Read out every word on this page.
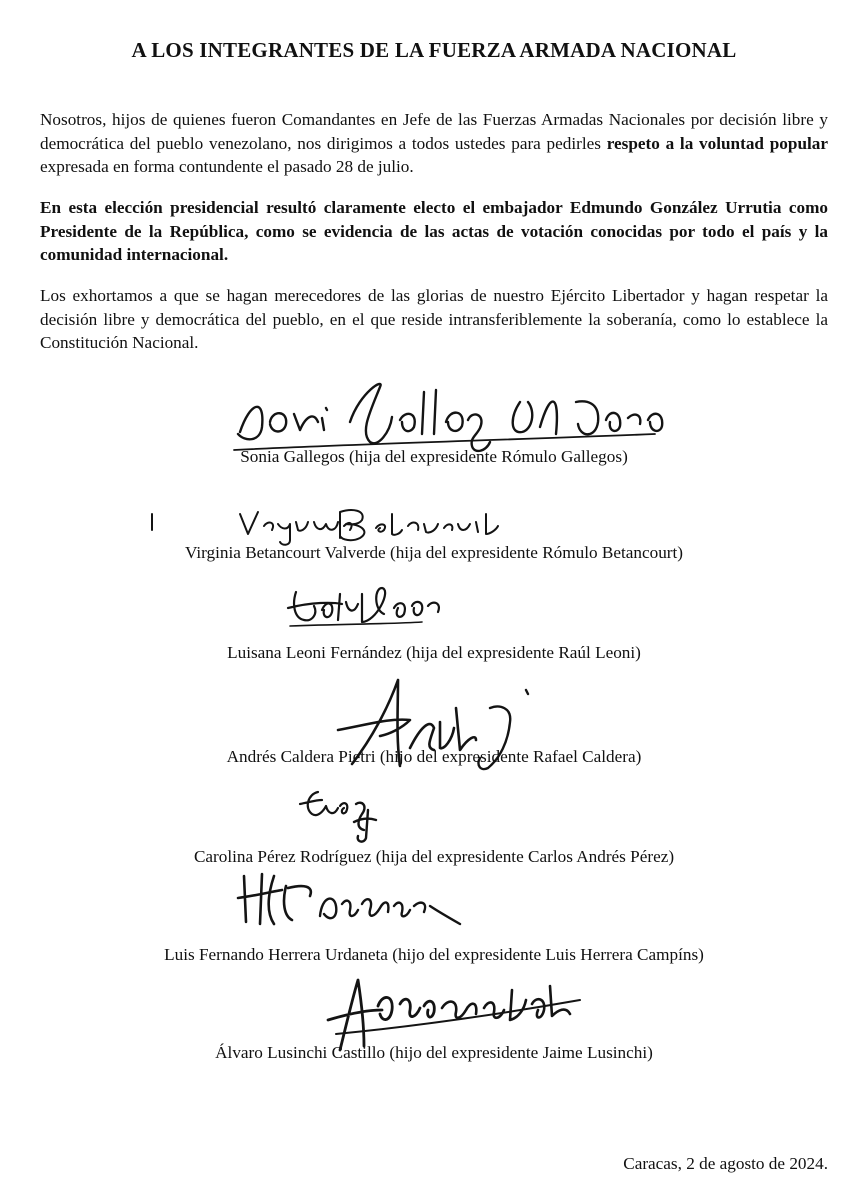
A LOS INTEGRANTES DE LA FUERZA ARMADA NACIONAL

Nosotros, hijos de quienes fueron Comandantes en Jefe de las Fuerzas Armadas Nacionales por decisión libre y democrática del pueblo venezolano, nos dirigimos a todos ustedes para pedirles respeto a la voluntad popular expresada en forma contundente el pasado 28 de julio.

En esta elección presidencial resultó claramente electo el embajador Edmundo González Urrutia como Presidente de la República, como se evidencia de las actas de votación conocidas por todo el país y la comunidad internacional.

Los exhortamos a que se hagan merecedores de las glorias de nuestro Ejército Libertador y hagan respetar la decisión libre y democrática del pueblo, en el que reside intransferiblemente la soberanía, como lo establece la Constitución Nacional.

Sonia Gallegos (hija del expresidente Rómulo Gallegos)
Virginia Betancourt Valverde (hija del expresidente Rómulo Betancourt)
Luisana Leoni Fernández (hija del expresidente Raúl Leoni)
Andrés Caldera Pietri (hijo del expresidente Rafael Caldera)
Carolina Pérez Rodríguez (hija del expresidente Carlos Andrés Pérez)
Luis Fernando Herrera Urdaneta (hijo del expresidente Luis Herrera Campíns)
Álvaro Lusinchi Castillo (hijo del expresidente Jaime Lusinchi)
Caracas, 2 de agosto de 2024.
